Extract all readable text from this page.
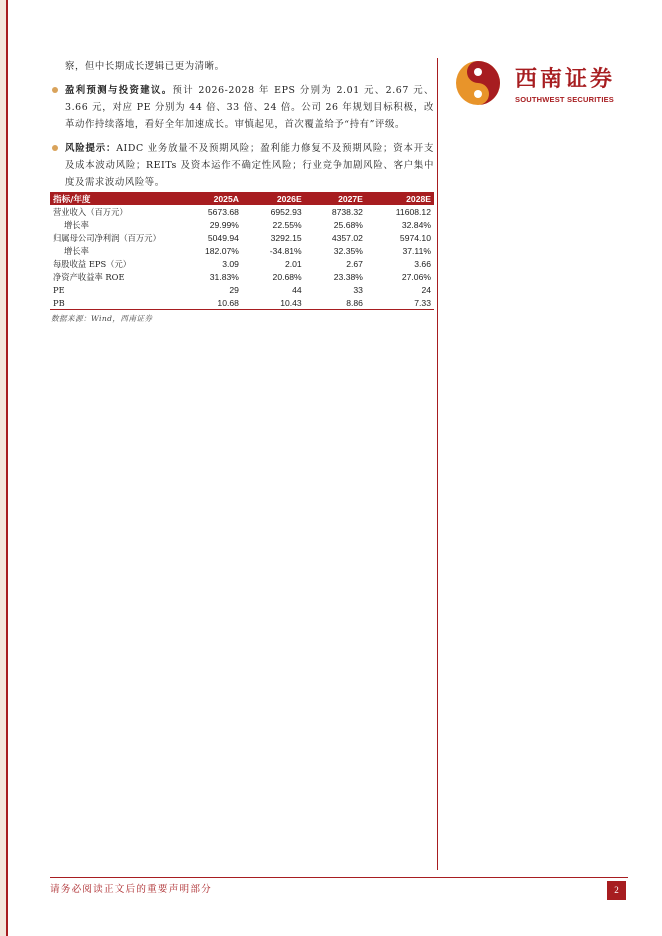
西南证券
SOUTHWEST SECURITIES

察，但中长期成长逻辑已更为清晰。

盈利预测与投资建议。预计 2026-2028 年 EPS 分别为 2.01 元、2.67 元、3.66 元，对应 PE 分别为 44 倍、33 倍、24 倍。公司 26 年规划目标积极，改革动作持续落地，看好全年加速成长。审慎起见，首次覆盖给予“持有”评级。
风险提示：AIDC 业务放量不及预期风险；盈利能力修复不及预期风险；资本开支及成本波动风险；REITs 及资本运作不确定性风险；行业竞争加剧风险、客户集中度及需求波动风险等。
指标/年度	2025A	2026E	2027E	2028E
营业收入（百万元）	5673.68	6952.93	8738.32	11608.12
增长率	29.99%	22.55%	25.68%	32.84%
归属母公司净利润（百万元）	5049.94	3292.15	4357.02	5974.10
增长率	182.07%	-34.81%	32.35%	37.11%
每股收益 EPS（元）	3.09	2.01	2.67	3.66
净资产收益率 ROE	31.83%	20.68%	23.38%	27.06%
PE	29	44	33	24
PB	10.68	10.43	8.86	7.33
数据来源：Wind，西南证券
请务必阅读正文后的重要声明部分	2
